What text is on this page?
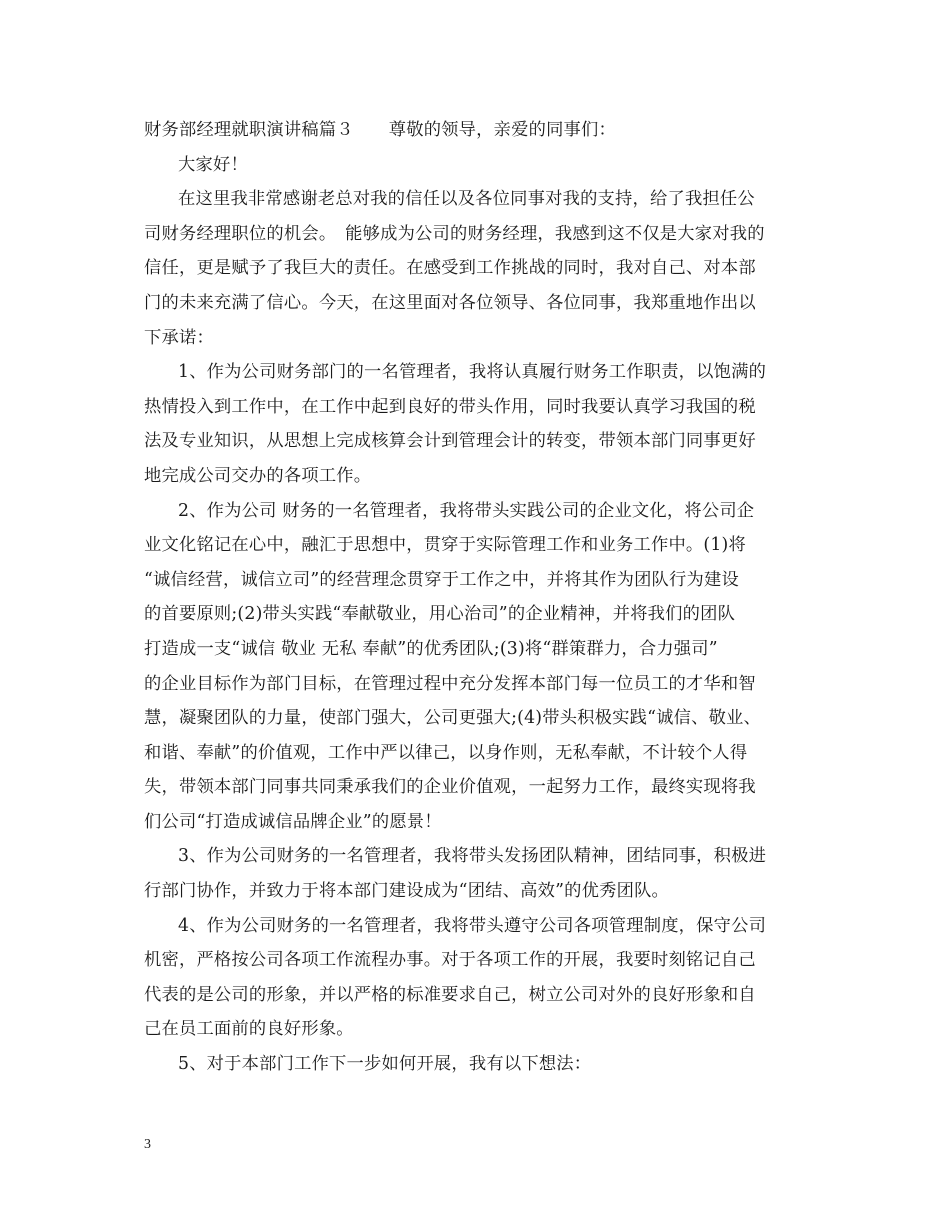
财务部经理就职演讲稿篇３　　尊敬的领导，亲爱的同事们：
大家好！
在这里我非常感谢老总对我的信任以及各位同事对我的支持，给了我担任公
司财务经理职位的机会。　能够成为公司的财务经理，我感到这不仅是大家对我的
信任，更是赋予了我巨大的责任。在感受到工作挑战的同时，我对自己、对本部
门的未来充满了信心。今天，在这里面对各位领导、各位同事，我郑重地作出以
下承诺：
1、作为公司财务部门的一名管理者，我将认真履行财务工作职责，以饱满的
热情投入到工作中，在工作中起到良好的带头作用，同时我要认真学习我国的税
法及专业知识，从思想上完成核算会计到管理会计的转变，带领本部门同事更好
地完成公司交办的各项工作。
2、作为公司 财务的一名管理者，我将带头实践公司的企业文化，将公司企
业文化铭记在心中，融汇于思想中，贯穿于实际管理工作和业务工作中。(1)将
“诚信经营，诚信立司”的经营理念贯穿于工作之中，并将其作为团队行为建设
的首要原则;(2)带头实践“奉献敬业，用心治司”的企业精神，并将我们的团队
打造成一支“诚信 敬业 无私 奉献”的优秀团队;(3)将“群策群力，合力强司”
的企业目标作为部门目标，在管理过程中充分发挥本部门每一位员工的才华和智
慧，凝聚团队的力量，使部门强大，公司更强大;(4)带头积极实践“诚信、敬业、
和谐、奉献”的价值观，工作中严以律己，以身作则，无私奉献，不计较个人得
失，带领本部门同事共同秉承我们的企业价值观，一起努力工作，最终实现将我
们公司“打造成诚信品牌企业”的愿景！
3、作为公司财务的一名管理者，我将带头发扬团队精神，团结同事，积极进
行部门协作，并致力于将本部门建设成为“团结、高效”的优秀团队。
4、作为公司财务的一名管理者，我将带头遵守公司各项管理制度，保守公司
机密，严格按公司各项工作流程办事。对于各项工作的开展，我要时刻铭记自己
代表的是公司的形象，并以严格的标准要求自己，树立公司对外的良好形象和自
己在员工面前的良好形象。
5、对于本部门工作下一步如何开展，我有以下想法：
3
